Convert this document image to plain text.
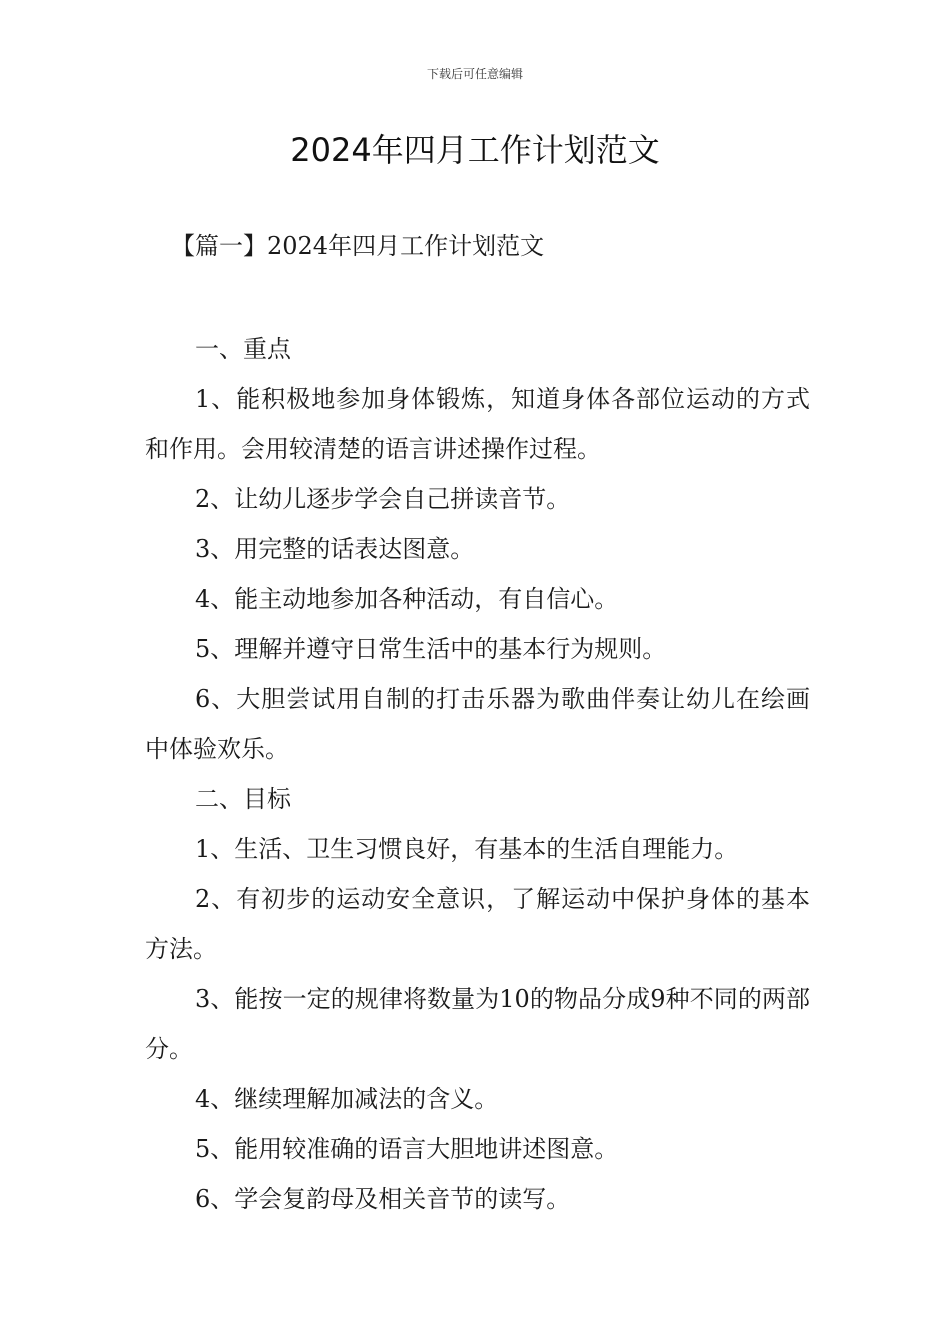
下载后可任意编辑
2024年四月工作计划范文
【篇一】2024年四月工作计划范文

一、重点

1、能积极地参加身体锻炼，知道身体各部位运动的方式和作用。会用较清楚的语言讲述操作过程。

2、让幼儿逐步学会自己拼读音节。

3、用完整的话表达图意。

4、能主动地参加各种活动，有自信心。

5、理解并遵守日常生活中的基本行为规则。

6、大胆尝试用自制的打击乐器为歌曲伴奏让幼儿在绘画中体验欢乐。

二、目标

1、生活、卫生习惯良好，有基本的生活自理能力。

2、有初步的运动安全意识，了解运动中保护身体的基本方法。

3、能按一定的规律将数量为10的物品分成9种不同的两部分。

4、继续理解加减法的含义。

5、能用较准确的语言大胆地讲述图意。

6、学会复韵母及相关音节的读写。
